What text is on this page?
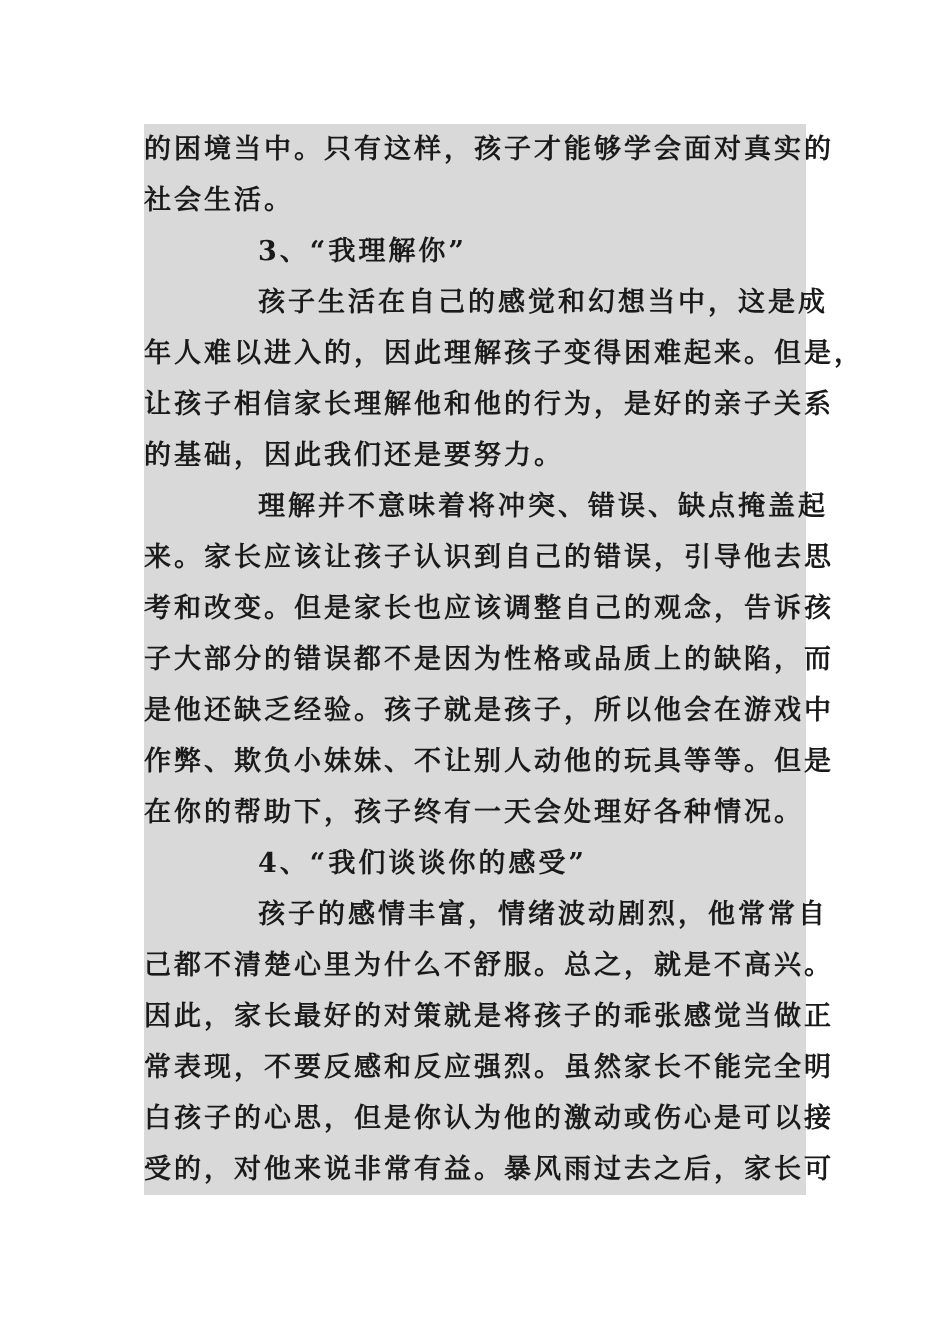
的困境当中。只有这样，孩子才能够学会面对真实的
社会生活。
3、“我理解你”
孩子生活在自己的感觉和幻想当中，这是成
年人难以进入的，因此理解孩子变得困难起来。但是，
让孩子相信家长理解他和他的行为，是好的亲子关系
的基础，因此我们还是要努力。
理解并不意味着将冲突、错误、缺点掩盖起
来。家长应该让孩子认识到自己的错误，引导他去思
考和改变。但是家长也应该调整自己的观念，告诉孩
子大部分的错误都不是因为性格或品质上的缺陷，而
是他还缺乏经验。孩子就是孩子，所以他会在游戏中
作弊、欺负小妹妹、不让别人动他的玩具等等。但是
在你的帮助下，孩子终有一天会处理好各种情况。
4、“我们谈谈你的感受”
孩子的感情丰富，情绪波动剧烈，他常常自
己都不清楚心里为什么不舒服。总之，就是不高兴。
因此，家长最好的对策就是将孩子的乖张感觉当做正
常表现，不要反感和反应强烈。虽然家长不能完全明
白孩子的心思，但是你认为他的激动或伤心是可以接
受的，对他来说非常有益。暴风雨过去之后，家长可
